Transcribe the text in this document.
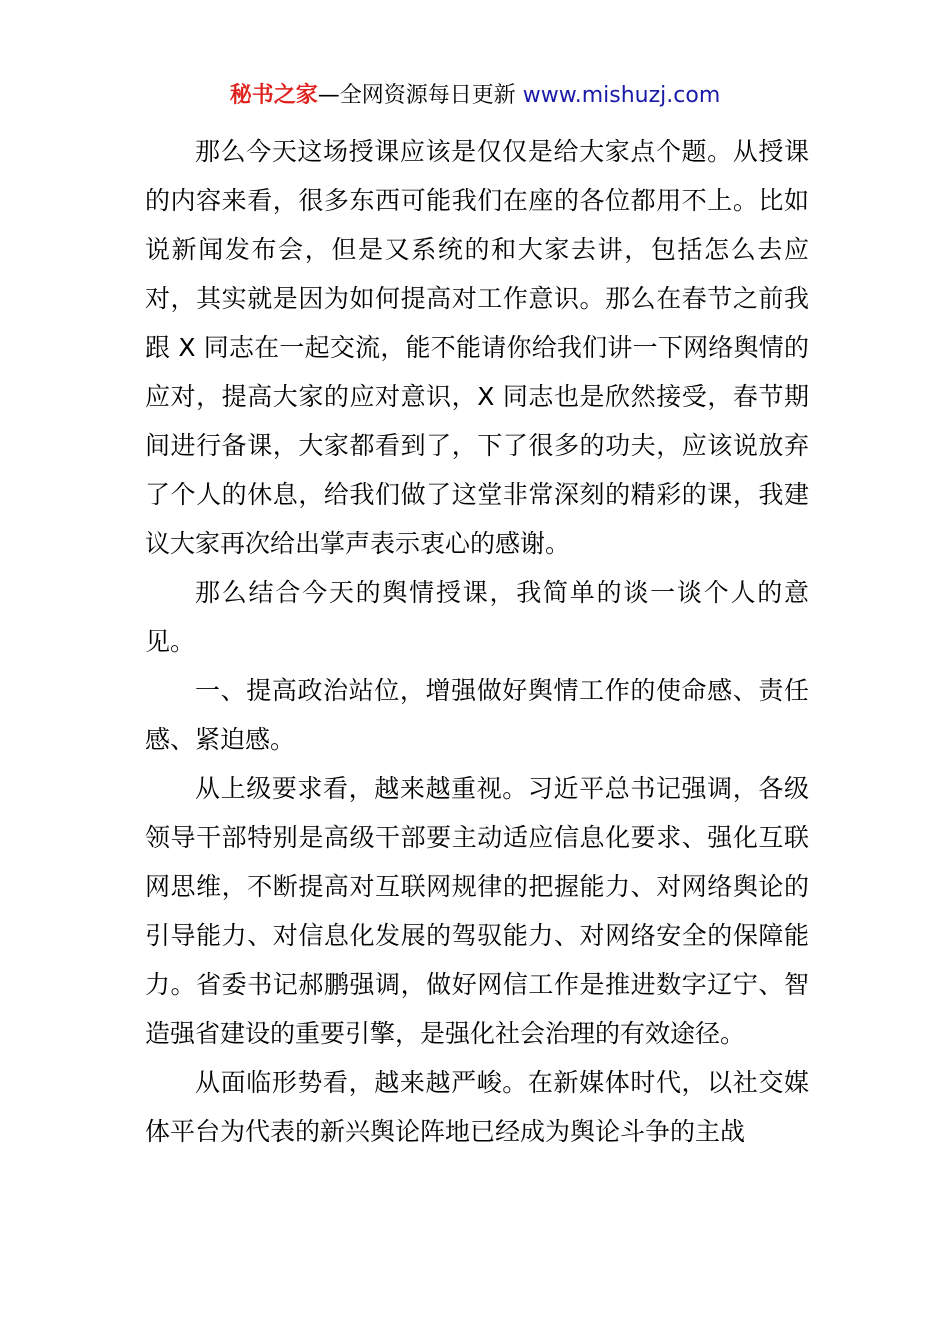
秘书之家—全网资源每日更新 www.mishuzj.com

那么今天这场授课应该是仅仅是给大家点个题。从授课的内容来看，很多东西可能我们在座的各位都用不上。比如说新闻发布会，但是又系统的和大家去讲，包括怎么去应对，其实就是因为如何提高对工作意识。那么在春节之前我跟 X 同志在一起交流，能不能请你给我们讲一下网络舆情的应对，提高大家的应对意识，X 同志也是欣然接受，春节期间进行备课，大家都看到了，下了很多的功夫，应该说放弃了个人的休息，给我们做了这堂非常深刻的精彩的课，我建议大家再次给出掌声表示衷心的感谢。

那么结合今天的舆情授课，我简单的谈一谈个人的意见。

一、提高政治站位，增强做好舆情工作的使命感、责任感、紧迫感。

从上级要求看，越来越重视。习近平总书记强调，各级领导干部特别是高级干部要主动适应信息化要求、强化互联网思维，不断提高对互联网规律的把握能力、对网络舆论的引导能力、对信息化发展的驾驭能力、对网络安全的保障能力。省委书记郝鹏强调，做好网信工作是推进数字辽宁、智造强省建设的重要引擎，是强化社会治理的有效途径。

从面临形势看，越来越严峻。在新媒体时代，以社交媒体平台为代表的新兴舆论阵地已经成为舆论斗争的主战
